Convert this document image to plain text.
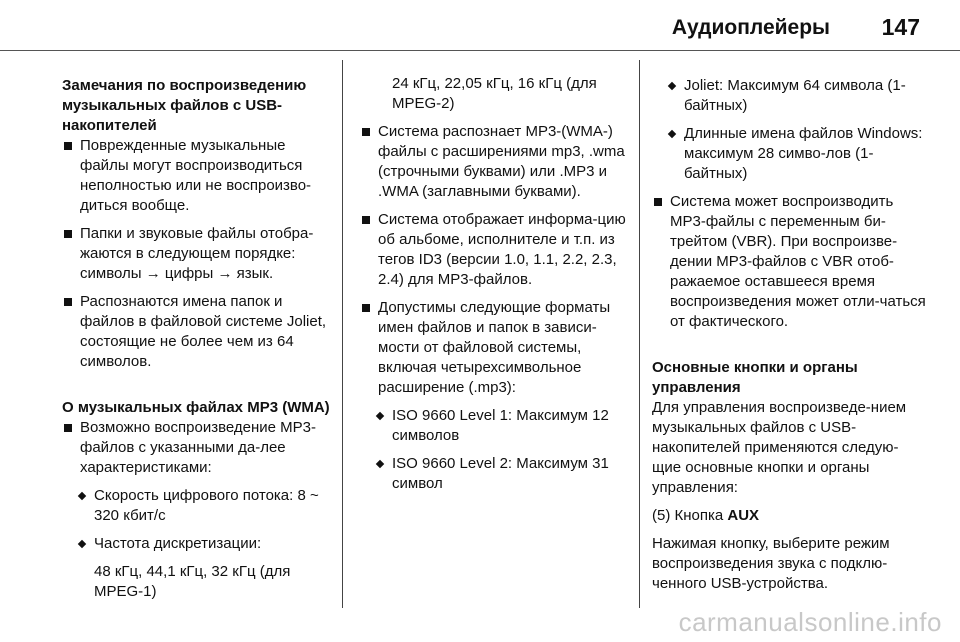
Аудиоплейеры 147

Замечания по воспроизведению музыкальных файлов с USB-накопителей

Поврежденные музыкальные файлы могут воспроизводиться неполностью или не воспроизво-диться вообще.

Папки и звуковые файлы отобра-жаются в следующем порядке: символы → цифры → язык.

Распознаются имена папок и файлов в файловой системе Joliet, состоящие не более чем из 64 символов.

О музыкальных файлах MP3 (WMA)

Возможно воспроизведение MP3-файлов с указанными да-лее характеристиками:

Скорость цифрового потока: 8 ~ 320 кбит/с

Частота дискретизации:

48 кГц, 44,1 кГц, 32 кГц (для MPEG-1)

24 кГц, 22,05 кГц, 16 кГц (для MPEG-2)

Система распознает MP3-(WMA-) файлы с расширениями mp3, .wma (строчными буквами) или .MP3 и .WMA (заглавными буквами).

Система отображает информа-цию об альбоме, исполнителе и т.п. из тегов ID3 (версии 1.0, 1.1, 2.2, 2.3, 2.4) для MP3-файлов.

Допустимы следующие форматы имен файлов и папок в зависи-мости от файловой системы, включая четырехсимвольное расширение (.mp3):

ISO 9660 Level 1: Максимум 12 символов

ISO 9660 Level 2: Максимум 31 символ

Joliet: Максимум 64 символа (1-байтных)

Длинные имена файлов Windows: максимум 28 симво-лов (1-байтных)

Система может воспроизводить MP3-файлы с переменным би-трейтом (VBR). При воспроизве-дении MP3-файлов с VBR отоб-ражаемое оставшееся время воспроизведения может отли-чаться от фактического.

Основные кнопки и органы управления

Для управления воспроизведе-нием музыкальных файлов с USB-накопителей применяются следую-щие основные кнопки и органы управления:

(5) Кнопка AUX

Нажимая кнопку, выберите режим воспроизведения звука с подклю-ченного USB-устройства.

carmanualsonline.info
